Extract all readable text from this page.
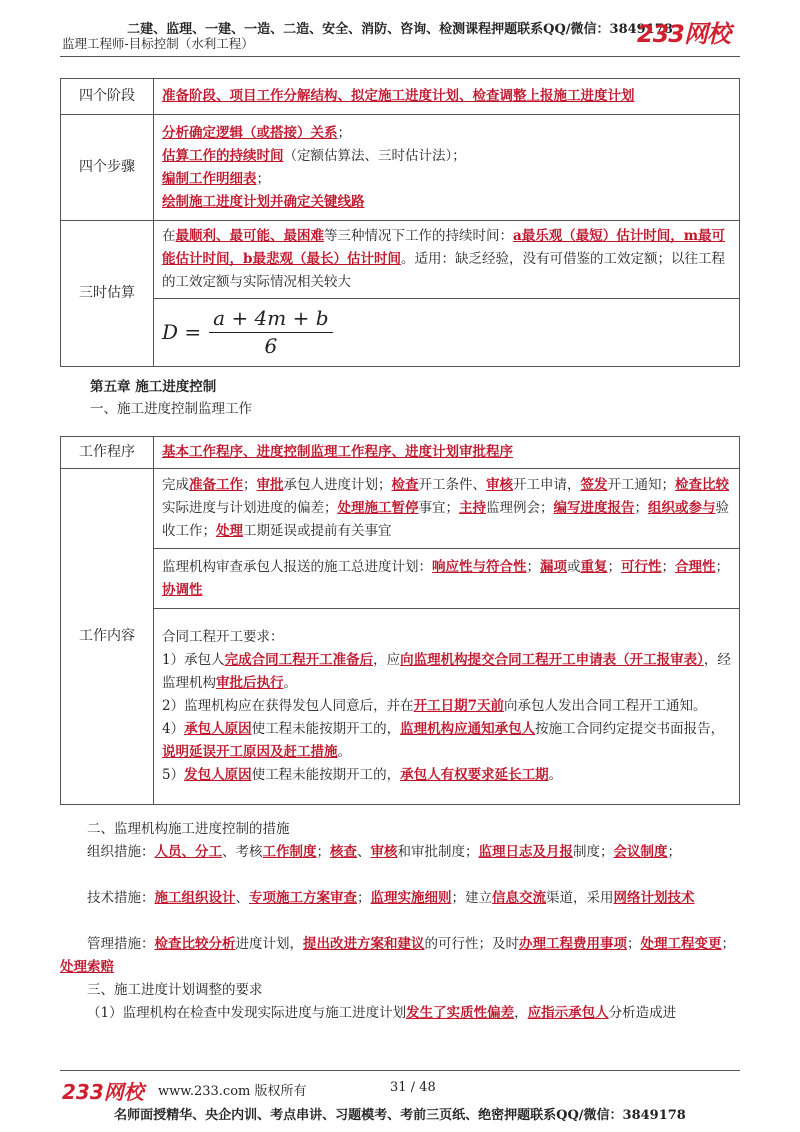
二建、监理、一建、一造、二造、安全、消防、咨询、检测课程押题联系QQ/微信：3849178
监理工程师-目标控制（水利工程）	233网校
四个阶段	准备阶段、项目工作分解结构、拟定施工进度计划、检查调整上报施工进度计划
四个步骤	分析确定逻辑（或搭接）关系；
估算工作的持续时间（定额估算法、三时估计法）；
编制工作明细表；
绘制施工进度计划并确定关键线路

三时估算	在最顺利、最可能、最困难等三种情况下工作的持续时间：a最乐观（最短）估计时间，m最可能估计时间，b最悲观（最长）估计时间。适用：缺乏经验，没有可借鉴的工效定额；以往工程的工效定额与实际情况相关较大

	$D = \frac{a + 4m + b}{6}$
第五章 施工进度控制
一、施工进度控制监理工作
工作程序	基本工作程序、进度控制监理工作程序、进度计划审批程序
工作内容	完成准备工作；审批承包人进度计划；检查开工条件、审核开工申请，签发开工通知；检查比较实际进度与计划进度的偏差；处理施工暂停事宜；主持监理例会；编写进度报告；组织或参与验收工作；处理工期延误或提前有关事宜
	监理机构审查承包人报送的施工总进度计划：响应性与符合性；漏项或重复；可行性；合理性；协调性

	合同工程开工要求：
1）承包人完成合同工程开工准备后，应向监理机构提交合同工程开工申请表（开工报审表），经监理机构审批后执行。
2）监理机构应在获得发包人同意后，并在开工日期7天前向承包人发出合同工程开工通知。
4）承包人原因使工程未能按期开工的，监理机构应通知承包人按施工合同约定提交书面报告，说明延误开工原因及赶工措施。
5）发包人原因使工程未能按期开工的，承包人有权要求延长工期。
二、监理机构施工进度控制的措施
组织措施：人员、分工、考核工作制度；核查、审核和审批制度；监理日志及月报制度；会议制度；
技术措施：施工组织设计、专项施工方案审查；监理实施细则；建立信息交流渠道，采用网络计划技术
管理措施：检查比较分析进度计划，提出改进方案和建议的可行性；及时办理工程费用事项；处理工程变更；处理索赔
三、施工进度计划调整的要求
（1）监理机构在检查中发现实际进度与施工进度计划发生了实质性偏差，应指示承包人分析造成进
233网校 www.233.com 版权所有	31 / 48
名师面授精华、央企内训、考点串讲、习题模考、考前三页纸、绝密押题联系QQ/微信：3849178
